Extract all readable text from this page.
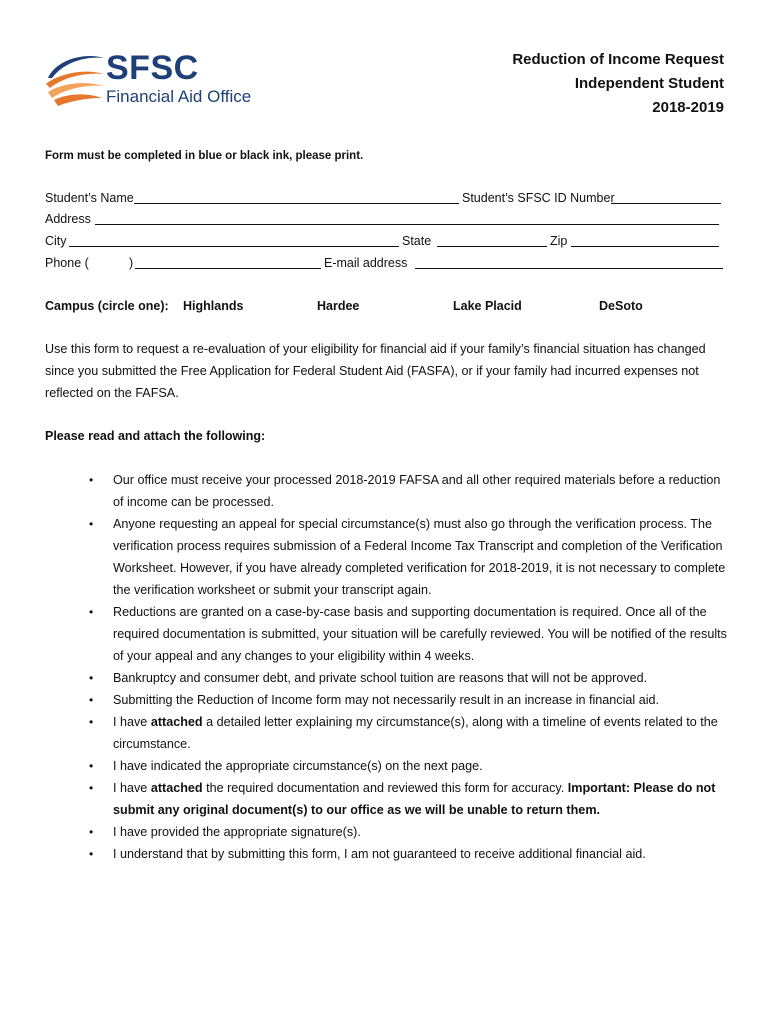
SFSC
Financial Aid Office
Reduction of Income Request
Independent Student
2018-2019
Form must be completed in blue or black ink, please print.
Student’s Name	Student’s SFSC ID Number
Address
City	State	Zip
Phone (	)	E-mail address
Campus (circle one): Highlands	Hardee	Lake Placid	DeSoto
Use this form to request a re-evaluation of your eligibility for financial aid if your family’s financial situation has changed since you submitted the Free Application for Federal Student Aid (FASFA), or if your family had incurred expenses not reflected on the FAFSA.
Please read and attach the following:
• Our office must receive your processed 2018-2019 FAFSA and all other required materials before a reduction of income can be processed.
• Anyone requesting an appeal for special circumstance(s) must also go through the verification process. The verification process requires submission of a Federal Income Tax Transcript and completion of the Verification Worksheet. However, if you have already completed verification for 2018-2019, it is not necessary to complete the verification worksheet or submit your transcript again.
• Reductions are granted on a case-by-case basis and supporting documentation is required. Once all of the required documentation is submitted, your situation will be carefully reviewed. You will be notified of the results of your appeal and any changes to your eligibility within 4 weeks.
• Bankruptcy and consumer debt, and private school tuition are reasons that will not be approved.
• Submitting the Reduction of Income form may not necessarily result in an increase in financial aid.
• I have attached a detailed letter explaining my circumstance(s), along with a timeline of events related to the circumstance.
• I have indicated the appropriate circumstance(s) on the next page.
• I have attached the required documentation and reviewed this form for accuracy. Important: Please do not submit any original document(s) to our office as we will be unable to return them.
• I have provided the appropriate signature(s).
• I understand that by submitting this form, I am not guaranteed to receive additional financial aid.
